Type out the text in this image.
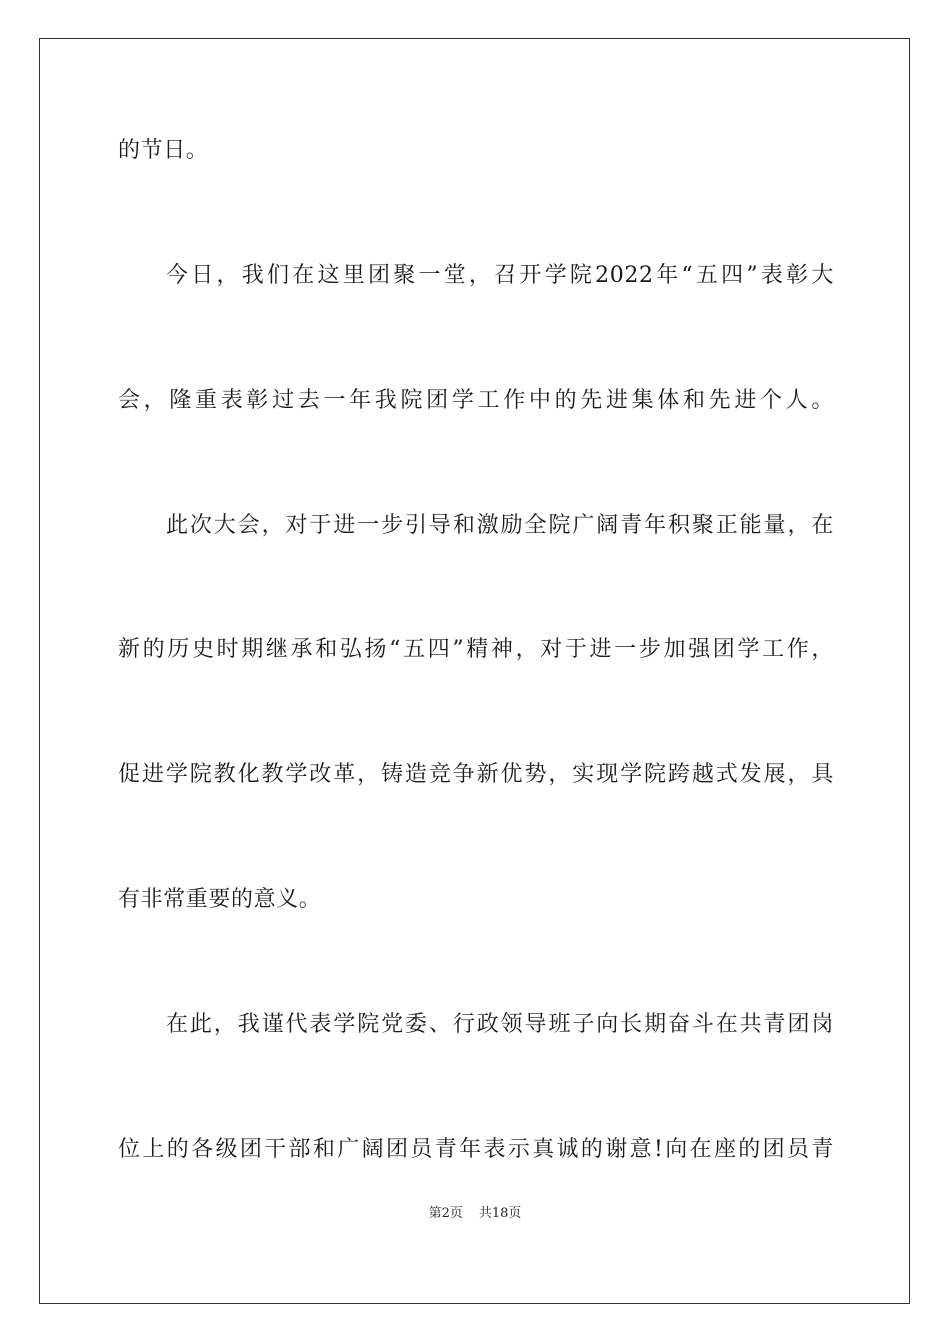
的节日。
今日，我们在这里团聚一堂，召开学院2022年“五四”表彰大
会，隆重表彰过去一年我院团学工作中的先进集体和先进个人。
此次大会，对于进一步引导和激励全院广阔青年积聚正能量，在
新的历史时期继承和弘扬“五四”精神，对于进一步加强团学工作，
促进学院教化教学改革，铸造竞争新优势，实现学院跨越式发展，具
有非常重要的意义。
在此，我谨代表学院党委、行政领导班子向长期奋斗在共青团岗
位上的各级团干部和广阔团员青年表示真诚的谢意!向在座的团员青
第2页 共18页
